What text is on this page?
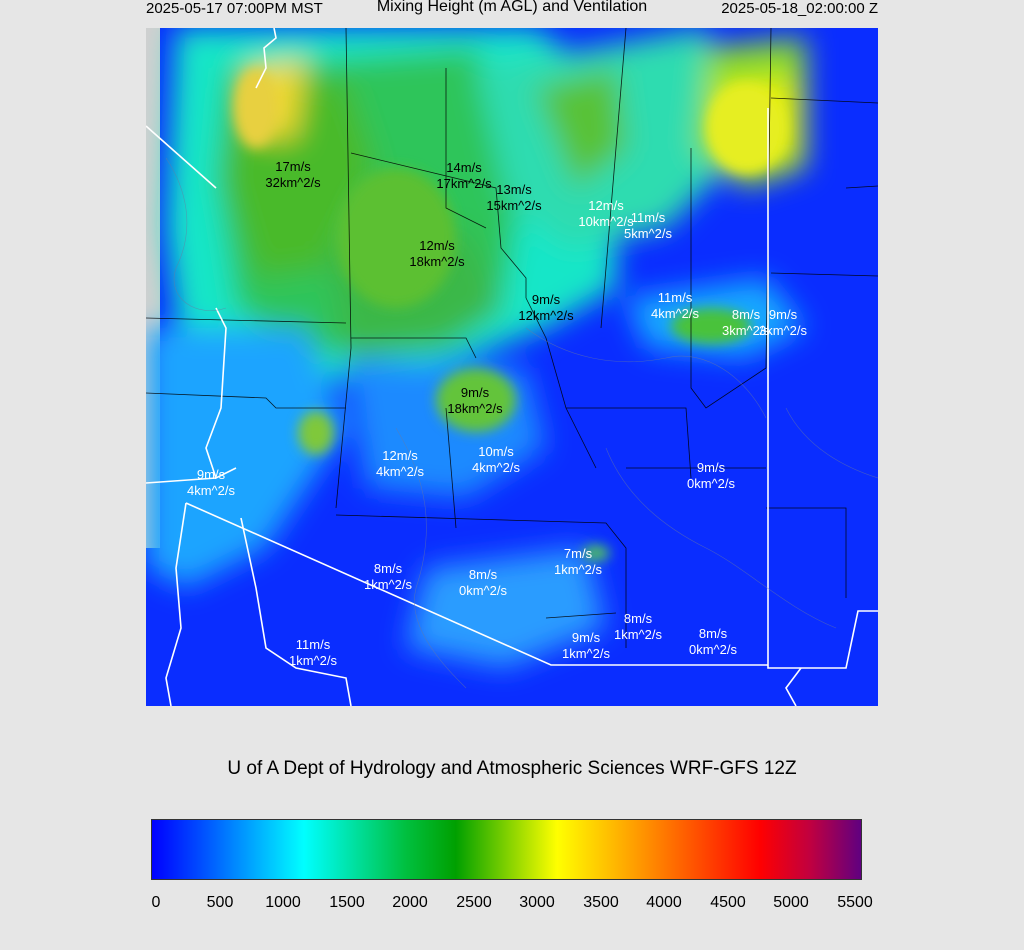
2025-05-17 07:00PM MST	Mixing Height (m AGL) and Ventilation	2025-05-18_02:00:00 Z
17m/s
32km^2/s
14m/s
17km^2/s 13m/s
15km^2/s	12m/s
10km^2/s
11m/s
5km^2/s
12m/s
18km^2/s
9m/s
12km^2/s
11m/s
4km^2/s	8m/s
3km^2/s
9m/s
3km^2/s
9m/s
18km^2/s
12m/s
4km^2/s
10m/s
4km^2/s	9m/s
0km^2/s
9m/s
4km^2/s
8m/s
1km^2/s
8m/s
0km^2/s
7m/s
1km^2/s
8m/s
1km^2/s
9m/s
1km^2/s
8m/s
0km^2/s
11m/s
1km^2/s
U of A Dept of Hydrology and Atmospheric Sciences WRF-GFS 12Z
0	500 1000 1500 2000 2500 3000 3500 4000 4500 5000 5500
